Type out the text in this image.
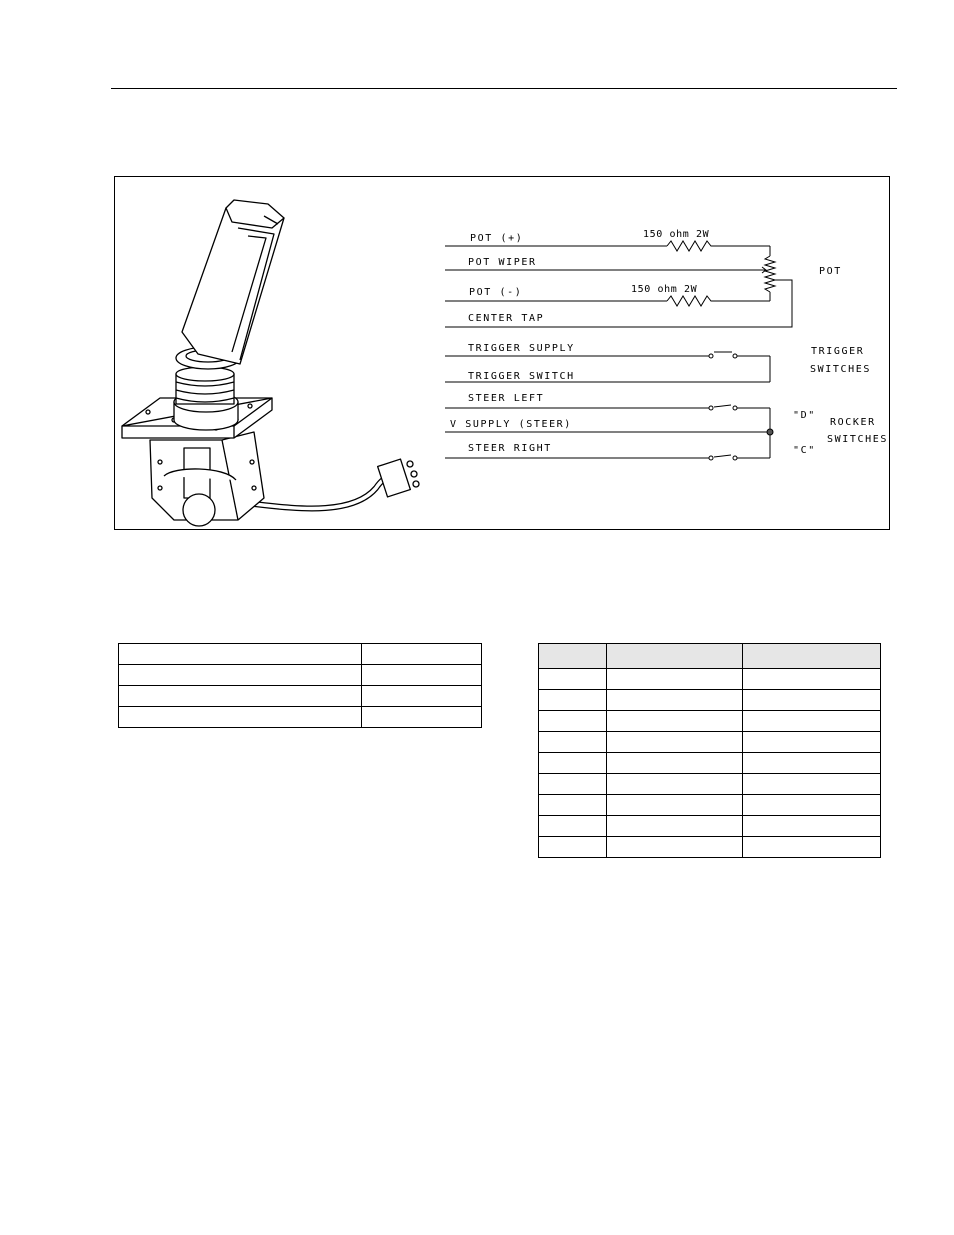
POT (+)
POT WIPER
POT (-)
CENTER TAP
TRIGGER SUPPLY
TRIGGER SWITCH
STEER LEFT
V SUPPLY (STEER)
STEER RIGHT
150 ohm 2W
150 ohm 2W
POT
TRIGGER
SWITCHES
"D"
"C"
ROCKER
SWITCHES
